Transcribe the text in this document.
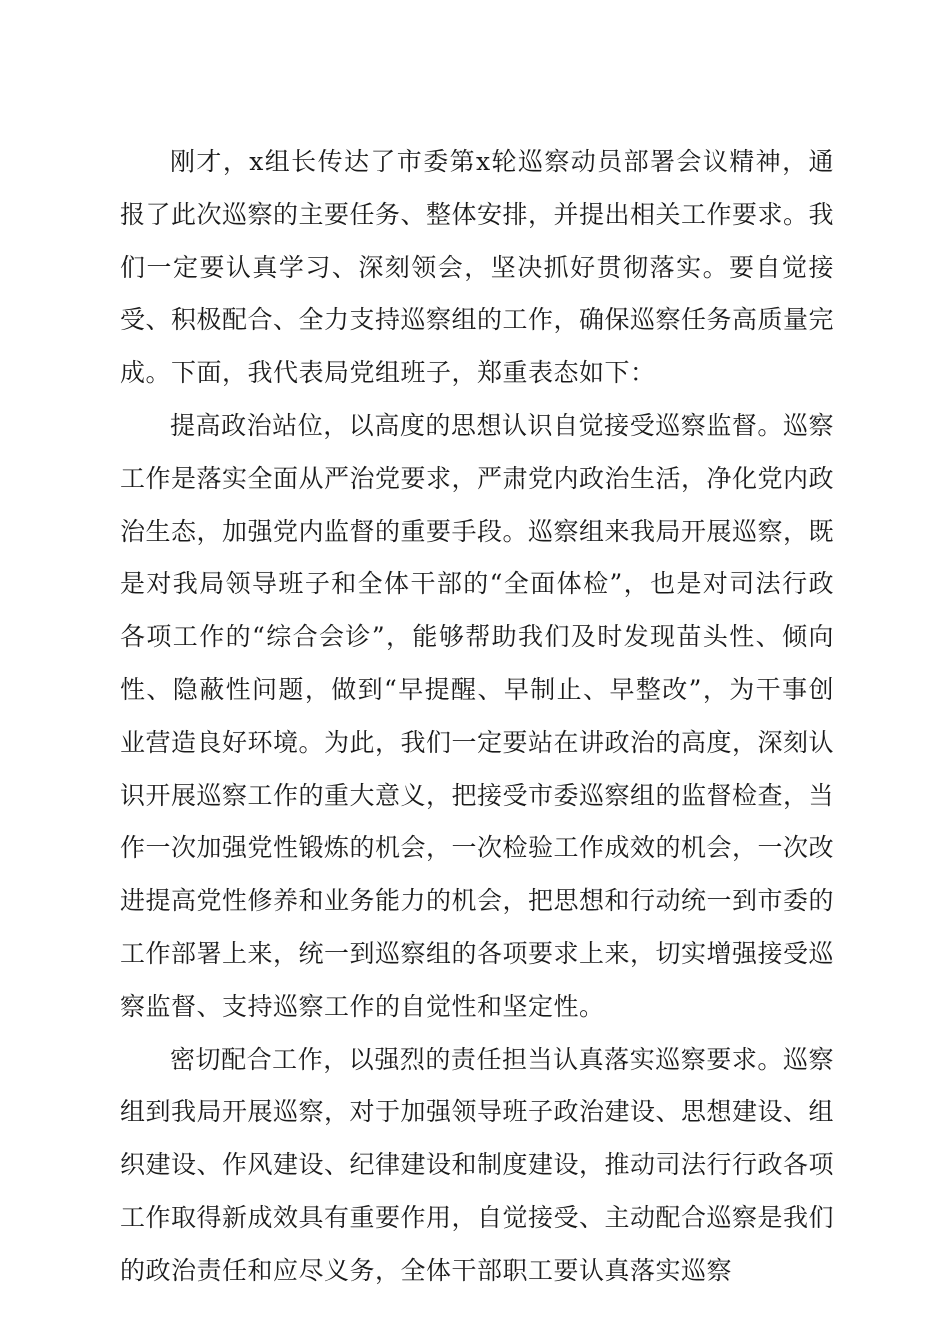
刚才，x组长传达了市委第x轮巡察动员部署会议精神，通报了此次巡察的主要任务、整体安排，并提出相关工作要求。我们一定要认真学习、深刻领会，坚决抓好贯彻落实。要自觉接受、积极配合、全力支持巡察组的工作，确保巡察任务高质量完成。下面，我代表局党组班子，郑重表态如下：

提高政治站位，以高度的思想认识自觉接受巡察监督。巡察工作是落实全面从严治党要求，严肃党内政治生活，净化党内政治生态，加强党内监督的重要手段。巡察组来我局开展巡察，既是对我局领导班子和全体干部的“全面体检”，也是对司法行政各项工作的“综合会诊”，能够帮助我们及时发现苗头性、倾向性、隐蔽性问题，做到“早提醒、早制止、早整改”，为干事创业营造良好环境。为此，我们一定要站在讲政治的高度，深刻认识开展巡察工作的重大意义，把接受市委巡察组的监督检查，当作一次加强党性锻炼的机会，一次检验工作成效的机会，一次改进提高党性修养和业务能力的机会，把思想和行动统一到市委的工作部署上来，统一到巡察组的各项要求上来，切实增强接受巡察监督、支持巡察工作的自觉性和坚定性。

密切配合工作，以强烈的责任担当认真落实巡察要求。巡察组到我局开展巡察，对于加强领导班子政治建设、思想建设、组织建设、作风建设、纪律建设和制度建设，推动司法行行政各项工作取得新成效具有重要作用，自觉接受、主动配合巡察是我们的政治责任和应尽义务，全体干部职工要认真落实巡察
